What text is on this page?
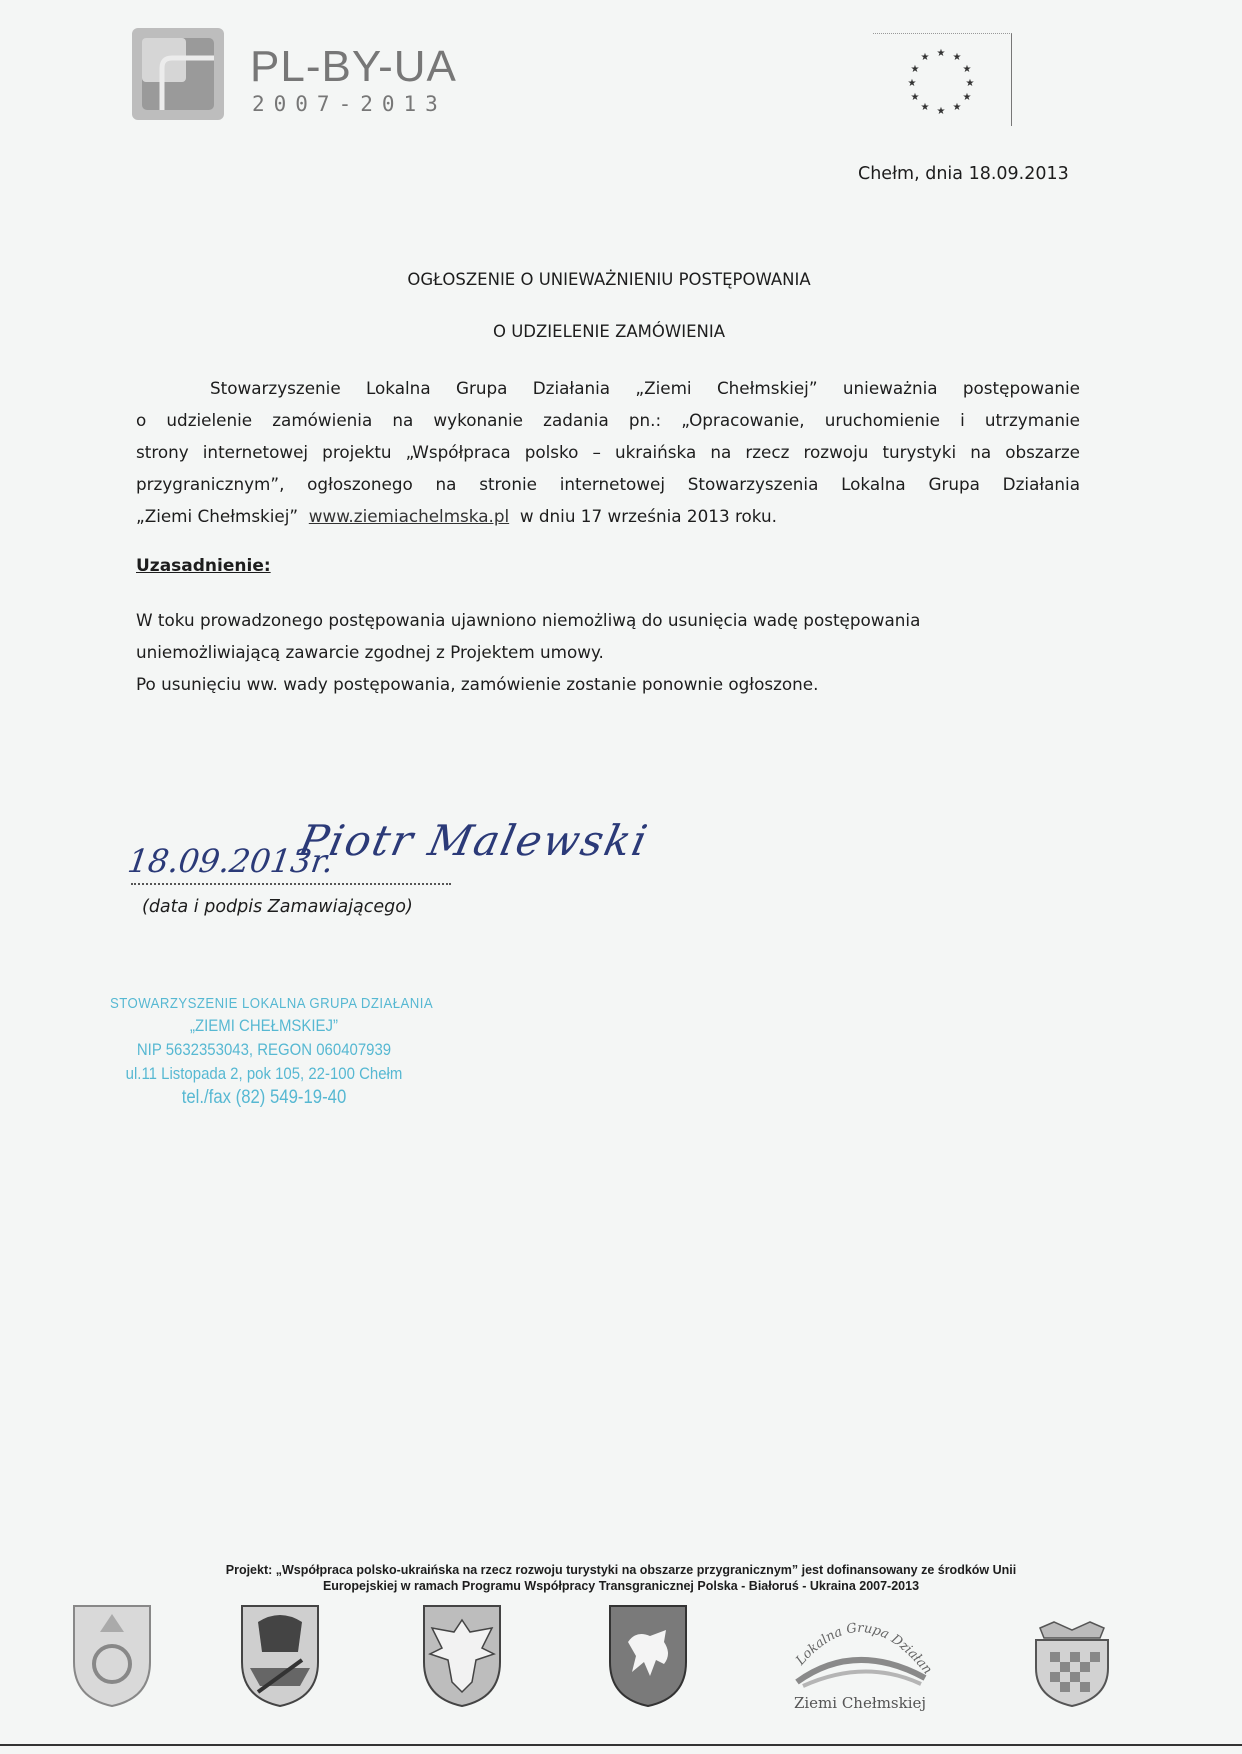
PL-BY-UA
2007-2013
★ ★
★
★
★
★
★
★
★
★
★
★
Chełm, dnia 18.09.2013
OGŁOSZENIE O UNIEWAŻNIENIU POSTĘPOWANIA
O UDZIELENIE ZAMÓWIENIA
Stowarzyszenie Lokalna Grupa Działania „Ziemi Chełmskiej” unieważnia postępowanie
o udzielenie zamówienia na wykonanie zadania pn.: „Opracowanie, uruchomienie i utrzymanie
strony internetowej projektu „Współpraca polsko – ukraińska na rzecz rozwoju turystyki na obszarze
przygranicznym”, ogłoszonego na stronie internetowej Stowarzyszenia Lokalna Grupa Działania
„Ziemi Chełmskiej” www.ziemiachelmska.pl w dniu 17 września 2013 roku.
Uzasadnienie:
W toku prowadzonego postępowania ujawniono niemożliwą do usunięcia wadę postępowania
uniemożliwiającą zawarcie zgodnej z Projektem umowy.
Po usunięciu ww. wady postępowania, zamówienie zostanie ponownie ogłoszone.
18.09.2013r.
Piotr Malewski
(data i podpis Zamawiającego)
STOWARZYSZENIE LOKALNA GRUPA DZIAŁANIA
„ZIEMI CHEŁMSKIEJ”
NIP 5632353043, REGON 060407939
ul.11 Listopada 2, pok 105, 22-100 Chełm
tel./fax (82) 549-19-40
Projekt: „Współpraca polsko-ukraińska na rzecz rozwoju turystyki na obszarze przygranicznym” jest dofinansowany ze środków Unii
Europejskiej w ramach Programu Współpracy Transgranicznej Polska - Białoruś - Ukraina 2007-2013
Lokalna Grupa Działan
Ziemi Chełmskiej
